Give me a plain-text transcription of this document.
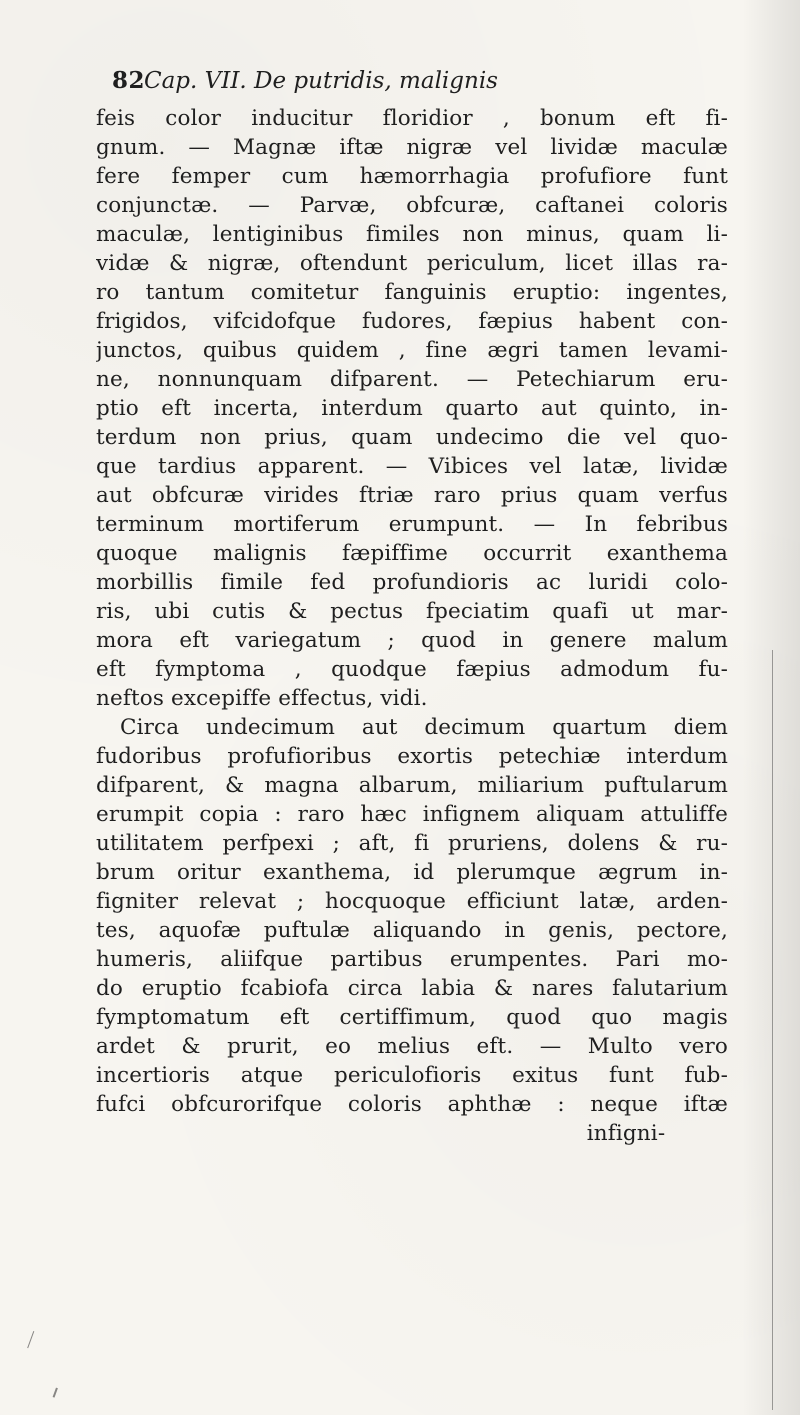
82
Cap. VII. De putridis, malignis
feis color inducitur floridior , bonum eft fi-
gnum. — Magnæ iftæ nigræ vel lividæ maculæ
fere femper cum hæmorrhagia profufiore funt
conjunctæ. — Parvæ, obfcuræ, caftanei coloris
maculæ, lentiginibus fimiles non minus, quam li-
vidæ & nigræ, oftendunt periculum, licet illas ra-
ro tantum comitetur fanguinis eruptio: ingentes,
frigidos, vifcidofque fudores, fæpius habent con-
junctos, quibus quidem , fine ægri tamen levami-
ne, nonnunquam difparent. — Petechiarum eru-
ptio eft incerta, interdum quarto aut quinto, in-
terdum non prius, quam undecimo die vel quo-
que tardius apparent. — Vibices vel latæ, lividæ
aut obfcuræ virides ftriæ raro prius quam verfus
terminum mortiferum erumpunt. — In febribus
quoque malignis fæpiffime occurrit exanthema
morbillis fimile fed profundioris ac luridi colo-
ris, ubi cutis & pectus fpeciatim quafi ut mar-
mora eft variegatum ; quod in genere malum
eft fymptoma , quodque fæpius admodum fu-
neftos excepiffe effectus, vidi.
Circa undecimum aut decimum quartum diem
fudoribus profufioribus exortis petechiæ interdum
difparent, & magna albarum, miliarium puftularum
erumpit copia : raro hæc infignem aliquam attuliffe
utilitatem perfpexi ; aft, fi pruriens, dolens & ru-
brum oritur exanthema, id plerumque ægrum in-
figniter relevat ; hocquoque efficiunt latæ, arden-
tes, aquofæ puftulæ aliquando in genis, pectore,
humeris, aliifque partibus erumpentes. Pari mo-
do eruptio fcabiofa circa labia & nares falutarium
fymptomatum eft certiffimum, quod quo magis
ardet & prurit, eo melius eft. — Multo vero
incertioris atque periculofioris exitus funt fub-
fufci obfcurorifque coloris aphthæ : neque iftæ
infigni-
